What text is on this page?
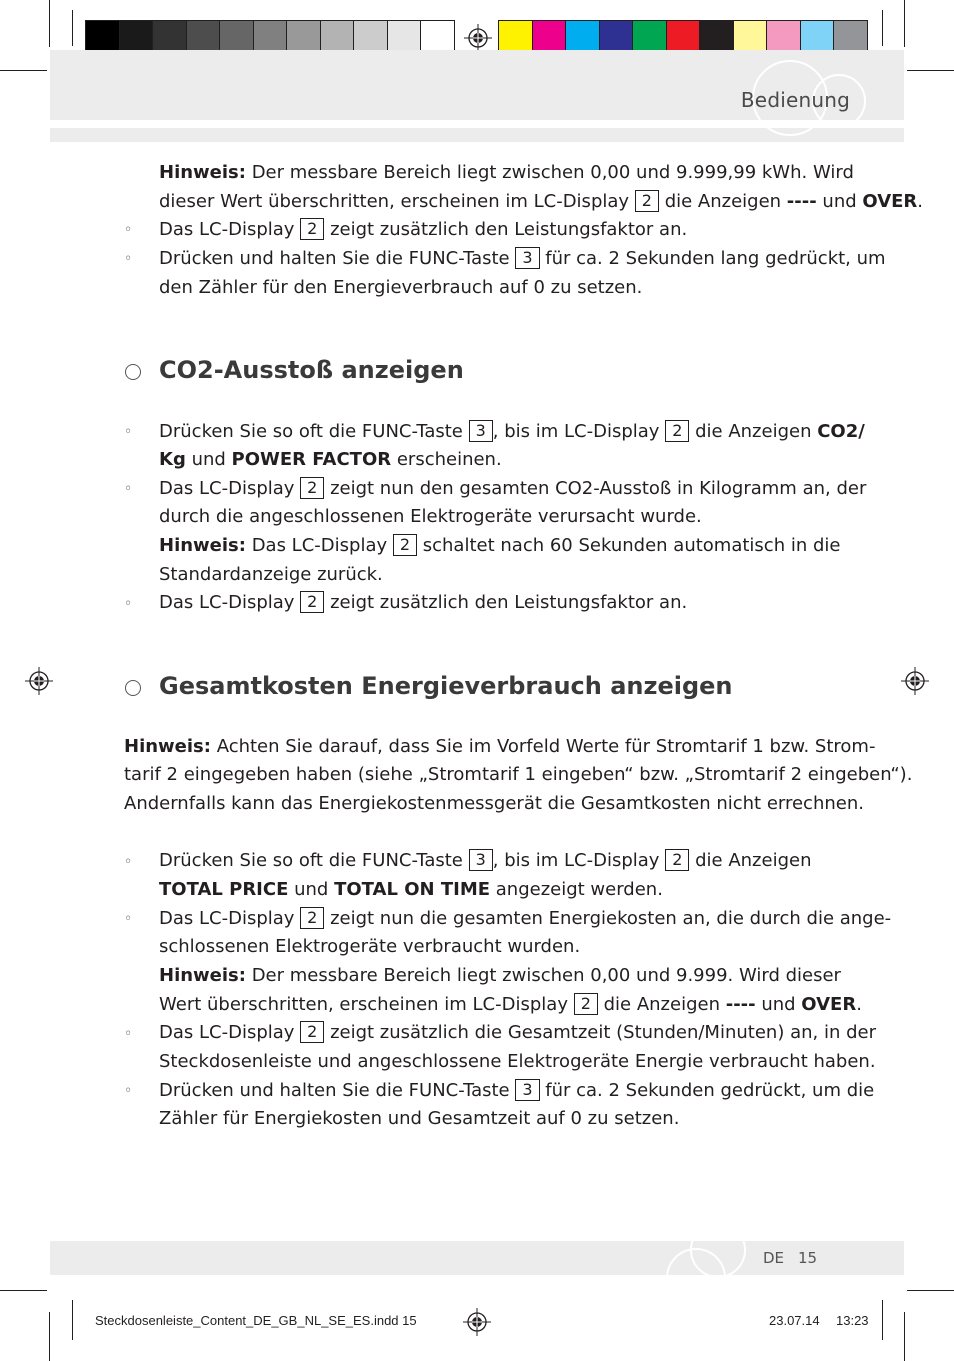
Bedienung
Hinweis: Der messbare Bereich liegt zwischen 0,00 und 9.999,99 kWh. Wird
dieser Wert überschritten, erscheinen im LC-Display 2 die Anzeigen ---- und OVER.
◦ Das LC-Display 2 zeigt zusätzlich den Leistungsfaktor an.
◦ Drücken und halten Sie die FUNC-Taste 3 für ca. 2 Sekunden lang gedrückt, um
den Zähler für den Energieverbrauch auf 0 zu setzen.
CO2-Ausstoß anzeigen
◦ Drücken Sie so oft die FUNC-Taste 3 , bis im LC-Display 2 die Anzeigen CO2/
Kg und POWER FACTOR erscheinen.
◦ Das LC-Display 2 zeigt nun den gesamten CO2-Ausstoß in Kilogramm an, der
durch die angeschlossenen Elektrogeräte verursacht wurde.
Hinweis: Das LC-Display 2 schaltet nach 60 Sekunden automatisch in die
Standardanzeige zurück.
◦ Das LC-Display 2 zeigt zusätzlich den Leistungsfaktor an.
Gesamtkosten Energieverbrauch anzeigen
Hinweis: Achten Sie darauf, dass Sie im Vorfeld Werte für Stromtarif 1 bzw. Strom-
tarif 2 eingegeben haben (siehe „Stromtarif 1 eingeben“ bzw. „Stromtarif 2 eingeben“).
Andernfalls kann das Energiekostenmessgerät die Gesamtkosten nicht errechnen.
◦ Drücken Sie so oft die FUNC-Taste 3 , bis im LC-Display 2 die Anzeigen
TOTAL PRICE und TOTAL ON TIME angezeigt werden.
◦ Das LC-Display 2 zeigt nun die gesamten Energiekosten an, die durch die ange-
schlossenen Elektrogeräte verbraucht wurden.
Hinweis: Der messbare Bereich liegt zwischen 0,00 und 9.999. Wird dieser
Wert überschritten, erscheinen im LC-Display 2 die Anzeigen ---- und OVER.
◦ Das LC-Display 2 zeigt zusätzlich die Gesamtzeit (Stunden/Minuten) an, in der
Steckdosenleiste und angeschlossene Elektrogeräte Energie verbraucht haben.
◦ Drücken und halten Sie die FUNC-Taste 3 für ca. 2 Sekunden gedrückt, um die
Zähler für Energiekosten und Gesamtzeit auf 0 zu setzen.
DE 15
Steckdosenleiste_Content_DE_GB_NL_SE_ES.indd 15	23.07.14 13:23
